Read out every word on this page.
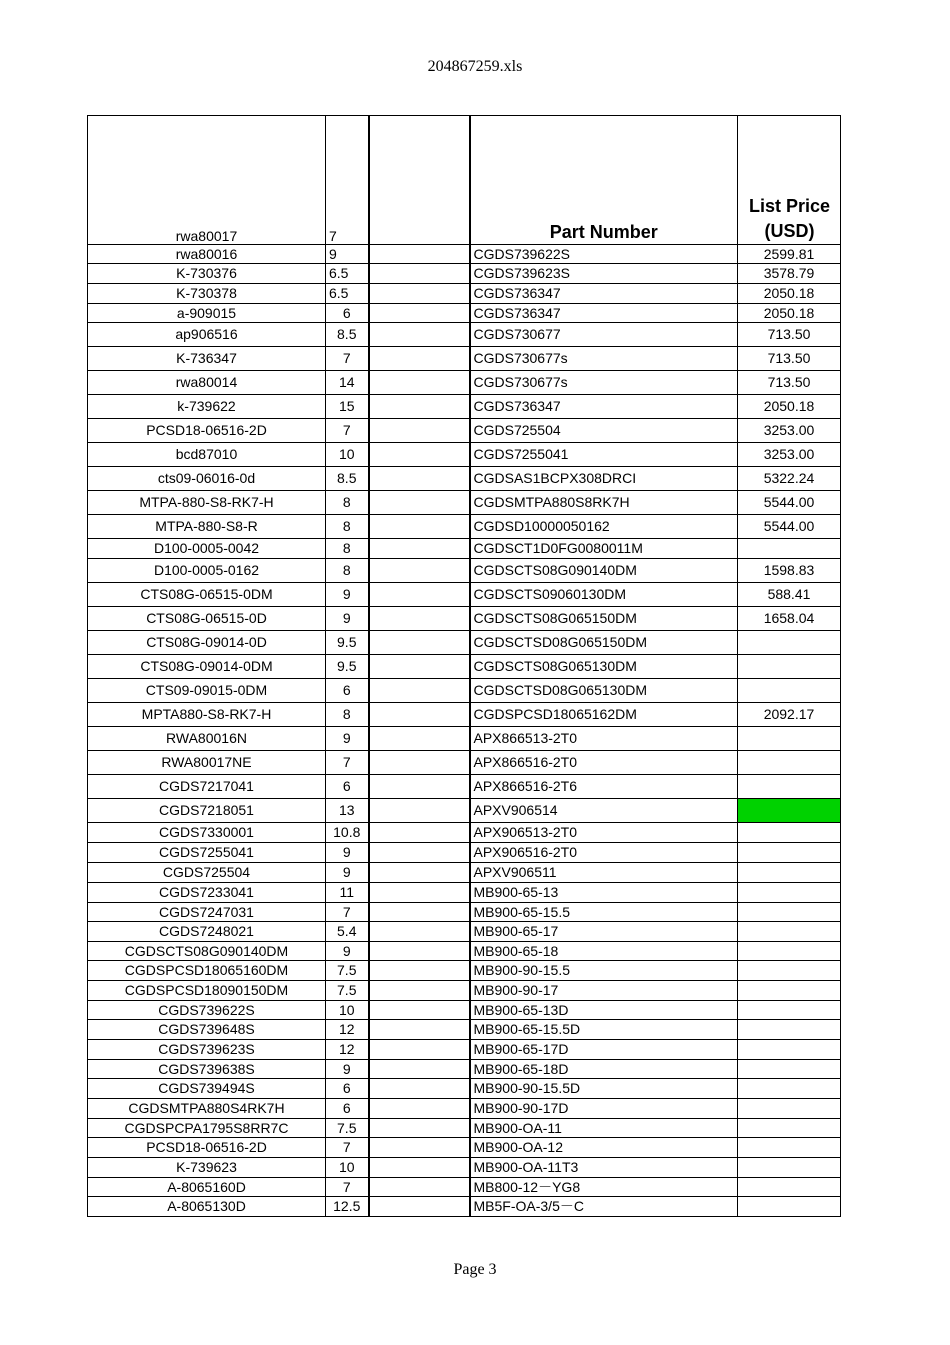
204867259.xls
rwa80017	7		Part Number	List Price(USD)
rwa80016	9		CGDS739622S	2599.81
K-730376	6.5		CGDS739623S	3578.79
K-730378	6.5		CGDS736347	2050.18
a-909015	6		CGDS736347	2050.18
ap906516	8.5		CGDS730677	713.50
K-736347	7		CGDS730677s	713.50
rwa80014	14		CGDS730677s	713.50
k-739622	15		CGDS736347	2050.18
PCSD18-06516-2D	7		CGDS725504	3253.00
bcd87010	10		CGDS7255041	3253.00
cts09-06016-0d	8.5		CGDSAS1BCPX308DRCI	5322.24
MTPA-880-S8-RK7-H	8		CGDSMTPA880S8RK7H	5544.00
MTPA-880-S8-R	8		CGDSD10000050162	5544.00
D100-0005-0042	8		CGDSCT1D0FG0080011M	
D100-0005-0162	8		CGDSCTS08G090140DM	1598.83
CTS08G-06515-0DM	9		CGDSCTS09060130DM	588.41
CTS08G-06515-0D	9		CGDSCTS08G065150DM	1658.04
CTS08G-09014-0D	9.5		CGDSCTSD08G065150DM	
CTS08G-09014-0DM	9.5		CGDSCTS08G065130DM	
CTS09-09015-0DM	6		CGDSCTSD08G065130DM	
MPTA880-S8-RK7-H	8		CGDSPCSD18065162DM	2092.17
RWA80016N	9		APX866513-2T0	
RWA80017NE	7		APX866516-2T0	
CGDS7217041	6		APX866516-2T6	
CGDS7218051	13		APXV906514	
CGDS7330001	10.8		APX906513-2T0	
CGDS7255041	9		APX906516-2T0	
CGDS725504	9		APXV906511	
CGDS7233041	11		MB900-65-13	
CGDS7247031	7		MB900-65-15.5	
CGDS7248021	5.4		MB900-65-17	
CGDSCTS08G090140DM	9		MB900-65-18	
CGDSPCSD18065160DM	7.5		MB900-90-15.5	
CGDSPCSD18090150DM	7.5		MB900-90-17	
CGDS739622S	10		MB900-65-13D	
CGDS739648S	12		MB900-65-15.5D	
CGDS739623S	12		MB900-65-17D	
CGDS739638S	9		MB900-65-18D	
CGDS739494S	6		MB900-90-15.5D	
CGDSMTPA880S4RK7H	6		MB900-90-17D	
CGDSPCPA1795S8RR7C	7.5		MB900-OA-11	
PCSD18-06516-2D	7		MB900-OA-12	
K-739623	10		MB900-OA-11T3	
A-8065160D	7		MB800-12－YG8	
A-8065130D	12.5		MB5F-OA-3/5－C	
Page 3
